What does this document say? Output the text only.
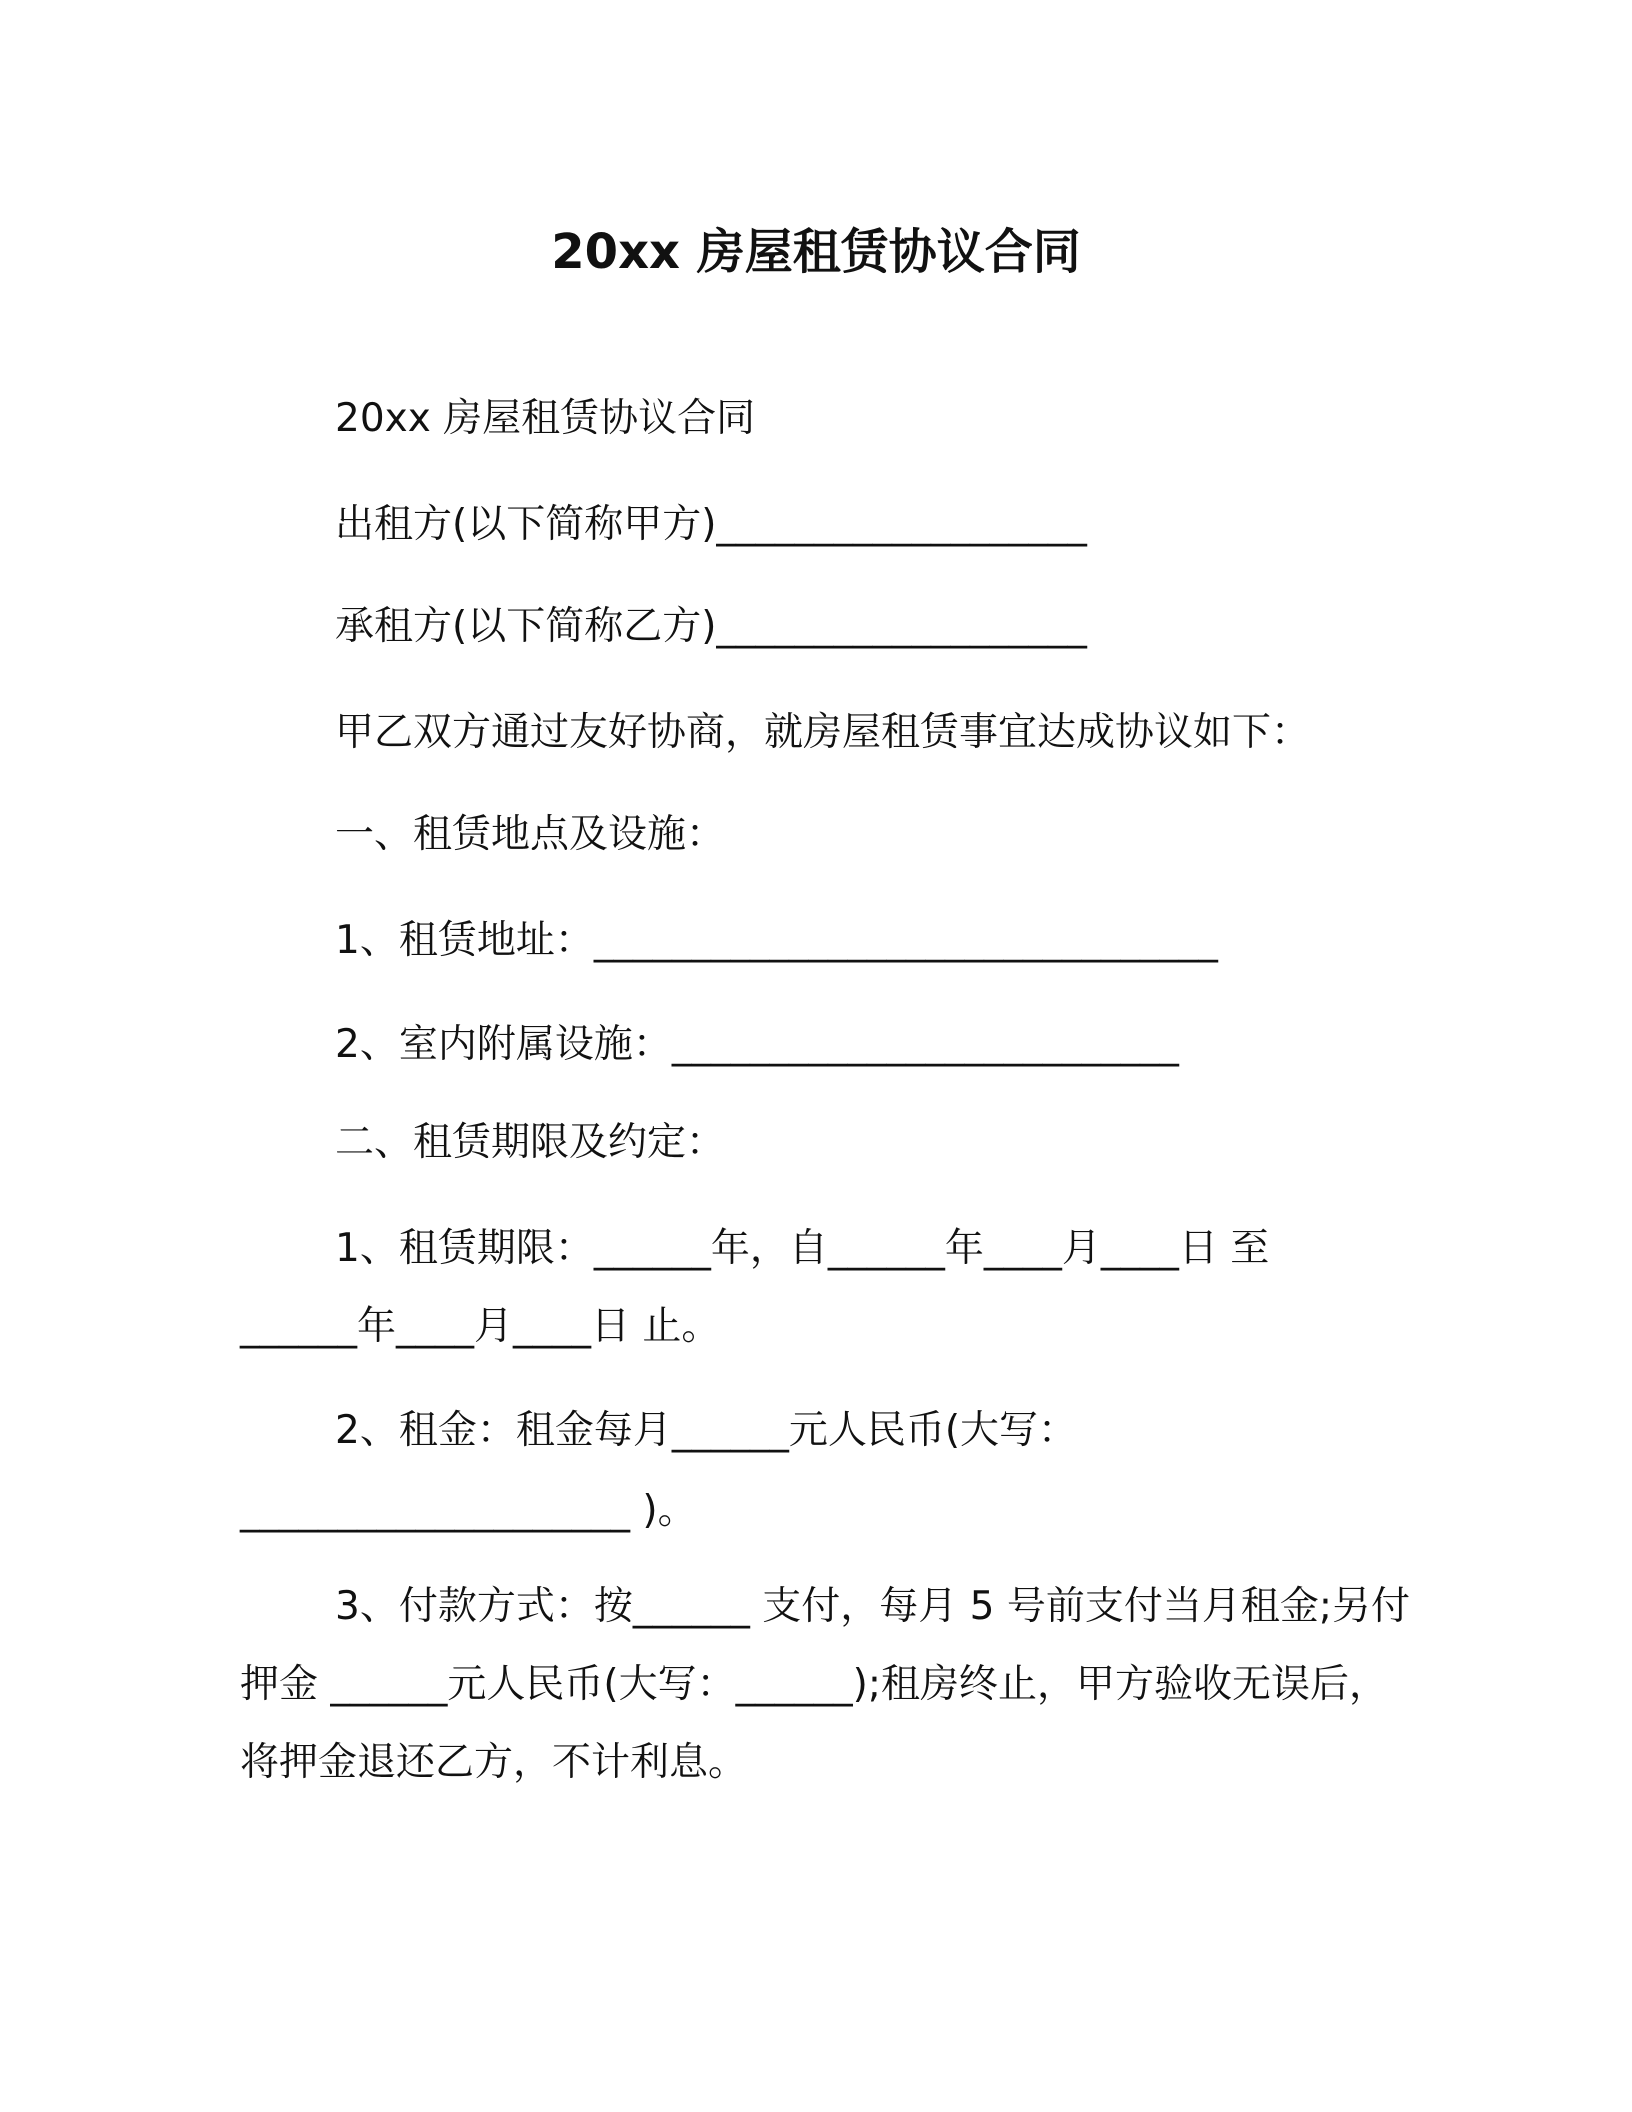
20xx 房屋租赁协议合同
20xx 房屋租赁协议合同
出租方(以下简称甲方)___________________
承租方(以下简称乙方)___________________
甲乙双方通过友好协商，就房屋租赁事宜达成协议如下：
一、租赁地点及设施：
1、租赁地址：________________________________
2、室内附属设施：__________________________
二、租赁期限及约定：
1、租赁期限：______年，自______年____月____日 至
______年____月____日 止。
2、租金：租金每月______元人民币(大写：
____________________ )。
3、付款方式：按______ 支付，每月 5 号前支付当月租金;另付
押金 ______元人民币(大写：______);租房终止，甲方验收无误后，
将押金退还乙方，不计利息。
